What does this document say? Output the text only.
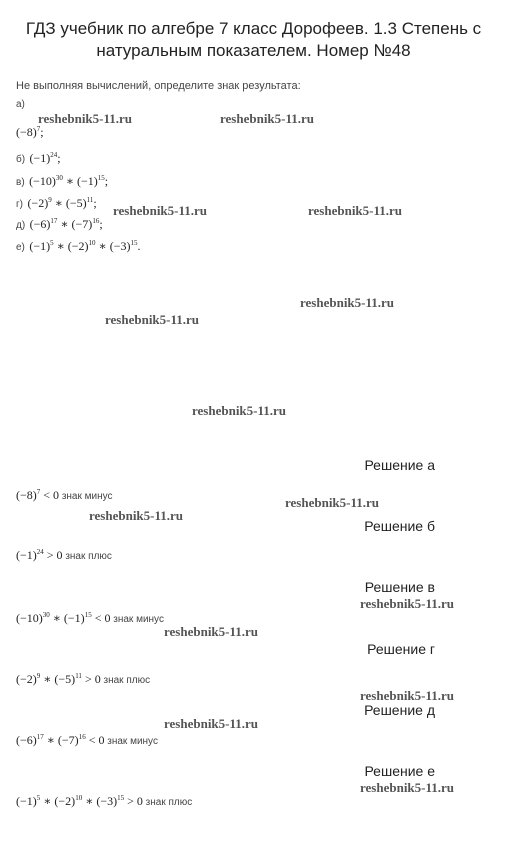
ГДЗ учебник по алгебре 7 класс Дорофеев. 1.3 Степень с
натуральным показателем. Номер №48
Не выполняя вычислений, определите знак результата:
а)
$(-8)^7$;
б) $(-1)^{24}$;
в) $(-10)^{30}$ ∗ $(-1)^{15}$;
г) $(-2)^9$ ∗ $(-5)^{11}$;
д) $(-6)^{17}$ ∗ $(-7)^{16}$;
е) $(-1)^5$ ∗ $(-2)^{10}$ ∗ $(-3)^{15}$.
Решение а
$(-8)^7 < 0$ знак минус
Решение б
$(-1)^{24} > 0$ знак плюс
Решение в
$(-10)^{30}$ ∗ $(-1)^{15} < 0$ знак минус
Решение г
$(-2)^9$ ∗ $(-5)^{11} > 0$ знак плюс
Решение д
$(-6)^{17}$ ∗ $(-7)^{16} < 0$ знак минус
Решение е
$(-1)^5$ ∗ $(-2)^{10}$ ∗ $(-3)^{15} > 0$ знак плюс
reshebnik5-11.ru	reshebnik5-11.ru
reshebnik5-11.ru	reshebnik5-11.ru
reshebnik5-11.ru
reshebnik5-11.ru
reshebnik5-11.ru
reshebnik5-11.ru
reshebnik5-11.ru
reshebnik5-11.ru
reshebnik5-11.ru
reshebnik5-11.ru
reshebnik5-11.ru
reshebnik5-11.ru
